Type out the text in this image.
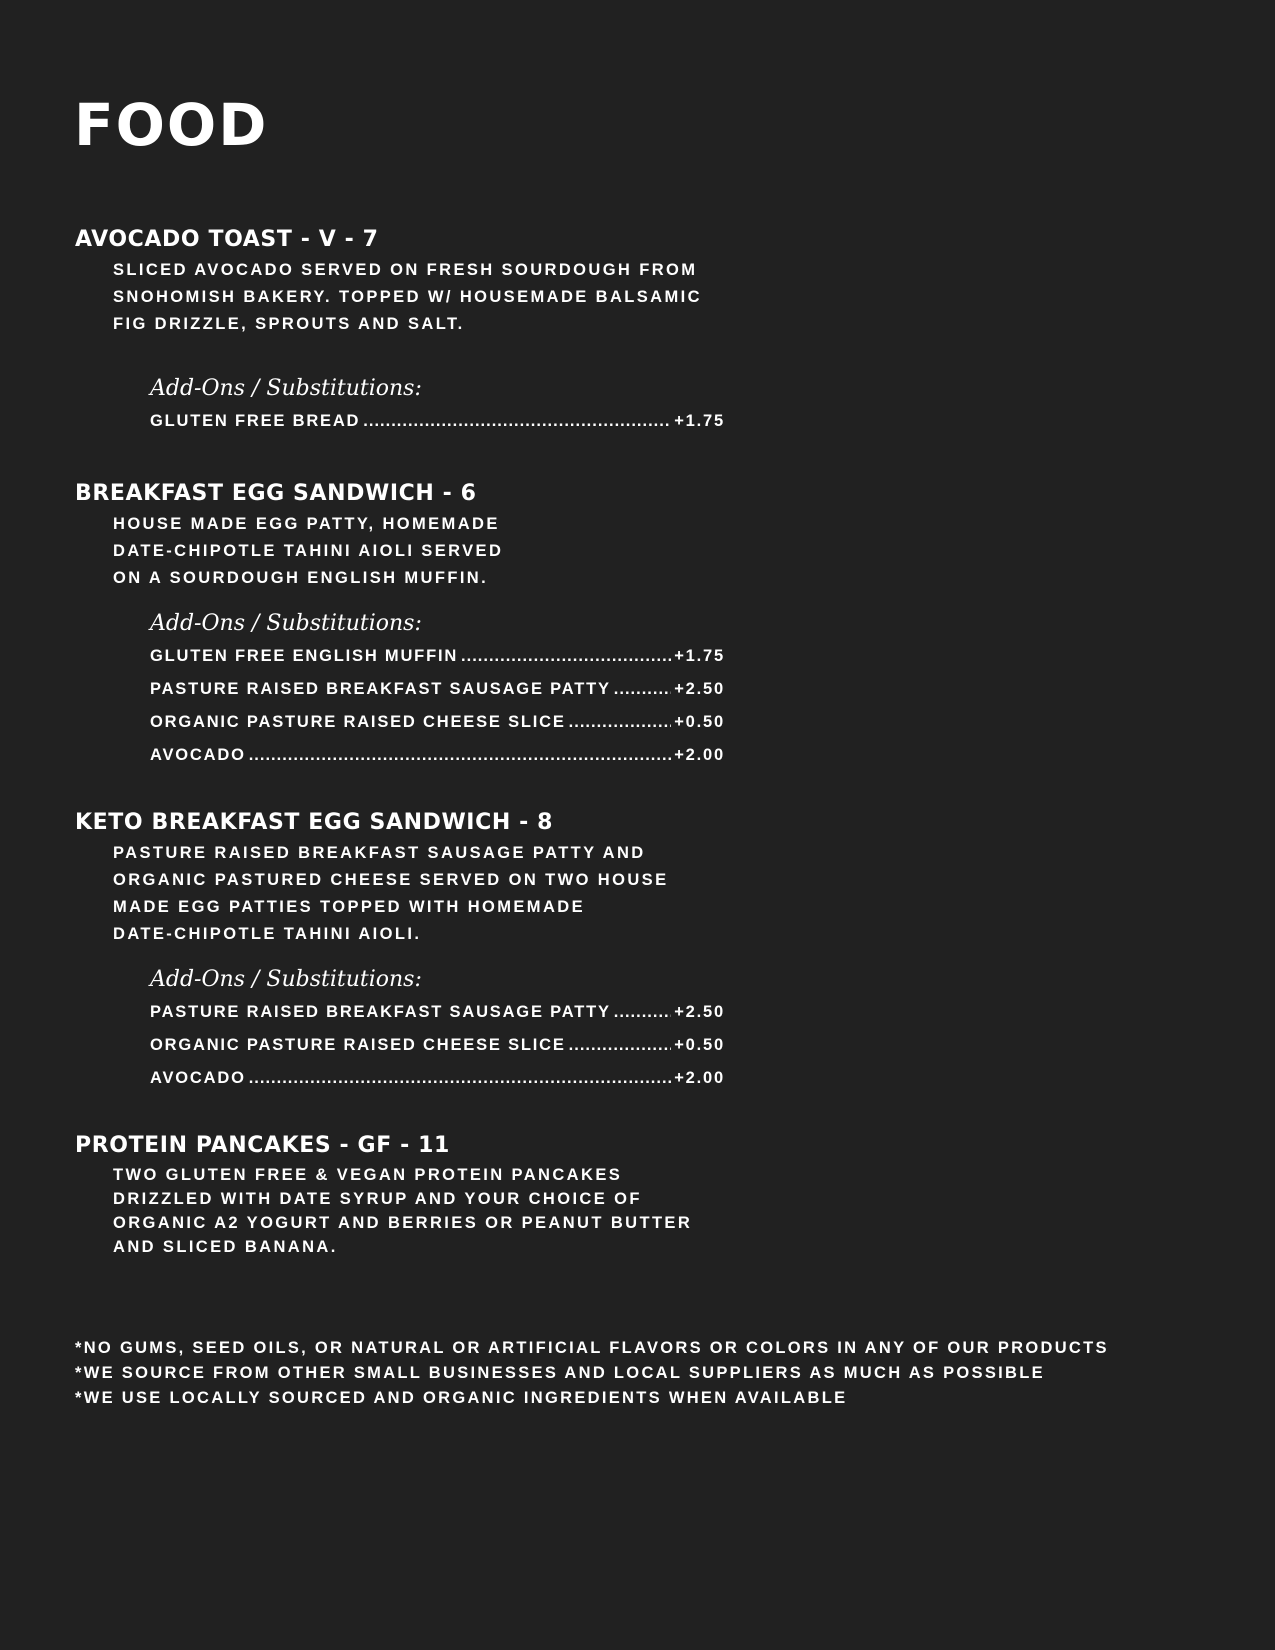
FOOD
AVOCADO TOAST - V - 7
SLICED AVOCADO SERVED ON FRESH SOURDOUGH FROM
SNOHOMISH BAKERY. TOPPED W/ HOUSEMADE BALSAMIC
FIG DRIZZLE, SPROUTS AND SALT.
Add-Ons / Substitutions:
GLUTEN FREE BREAD .....	+1.75
BREAKFAST EGG SANDWICH - 6
HOUSE MADE EGG PATTY, HOMEMADE
DATE-CHIPOTLE TAHINI AIOLI SERVED
ON A SOURDOUGH ENGLISH MUFFIN.
Add-Ons / Substitutions:
GLUTEN FREE ENGLISH MUFFIN .....	+1.75
PASTURE RAISED BREAKFAST SAUSAGE PATTY .....	+2.50
ORGANIC PASTURE RAISED CHEESE SLICE .....	+0.50
AVOCADO .....	+2.00
KETO BREAKFAST EGG SANDWICH - 8
PASTURE RAISED BREAKFAST SAUSAGE PATTY AND
ORGANIC PASTURED CHEESE SERVED ON TWO HOUSE
MADE EGG PATTIES TOPPED WITH HOMEMADE
DATE-CHIPOTLE TAHINI AIOLI.
Add-Ons / Substitutions:
PASTURE RAISED BREAKFAST SAUSAGE PATTY .....	+2.50
ORGANIC PASTURE RAISED CHEESE SLICE .....	+0.50
AVOCADO .....	+2.00
PROTEIN PANCAKES - GF - 11
TWO GLUTEN FREE & VEGAN PROTEIN PANCAKES
DRIZZLED WITH DATE SYRUP AND YOUR CHOICE OF
ORGANIC A2 YOGURT AND BERRIES OR PEANUT BUTTER
AND SLICED BANANA.
*NO GUMS, SEED OILS, OR NATURAL OR ARTIFICIAL FLAVORS OR COLORS IN ANY OF OUR PRODUCTS
*WE SOURCE FROM OTHER SMALL BUSINESSES AND LOCAL SUPPLIERS AS MUCH AS POSSIBLE
*WE USE LOCALLY SOURCED AND ORGANIC INGREDIENTS WHEN AVAILABLE
